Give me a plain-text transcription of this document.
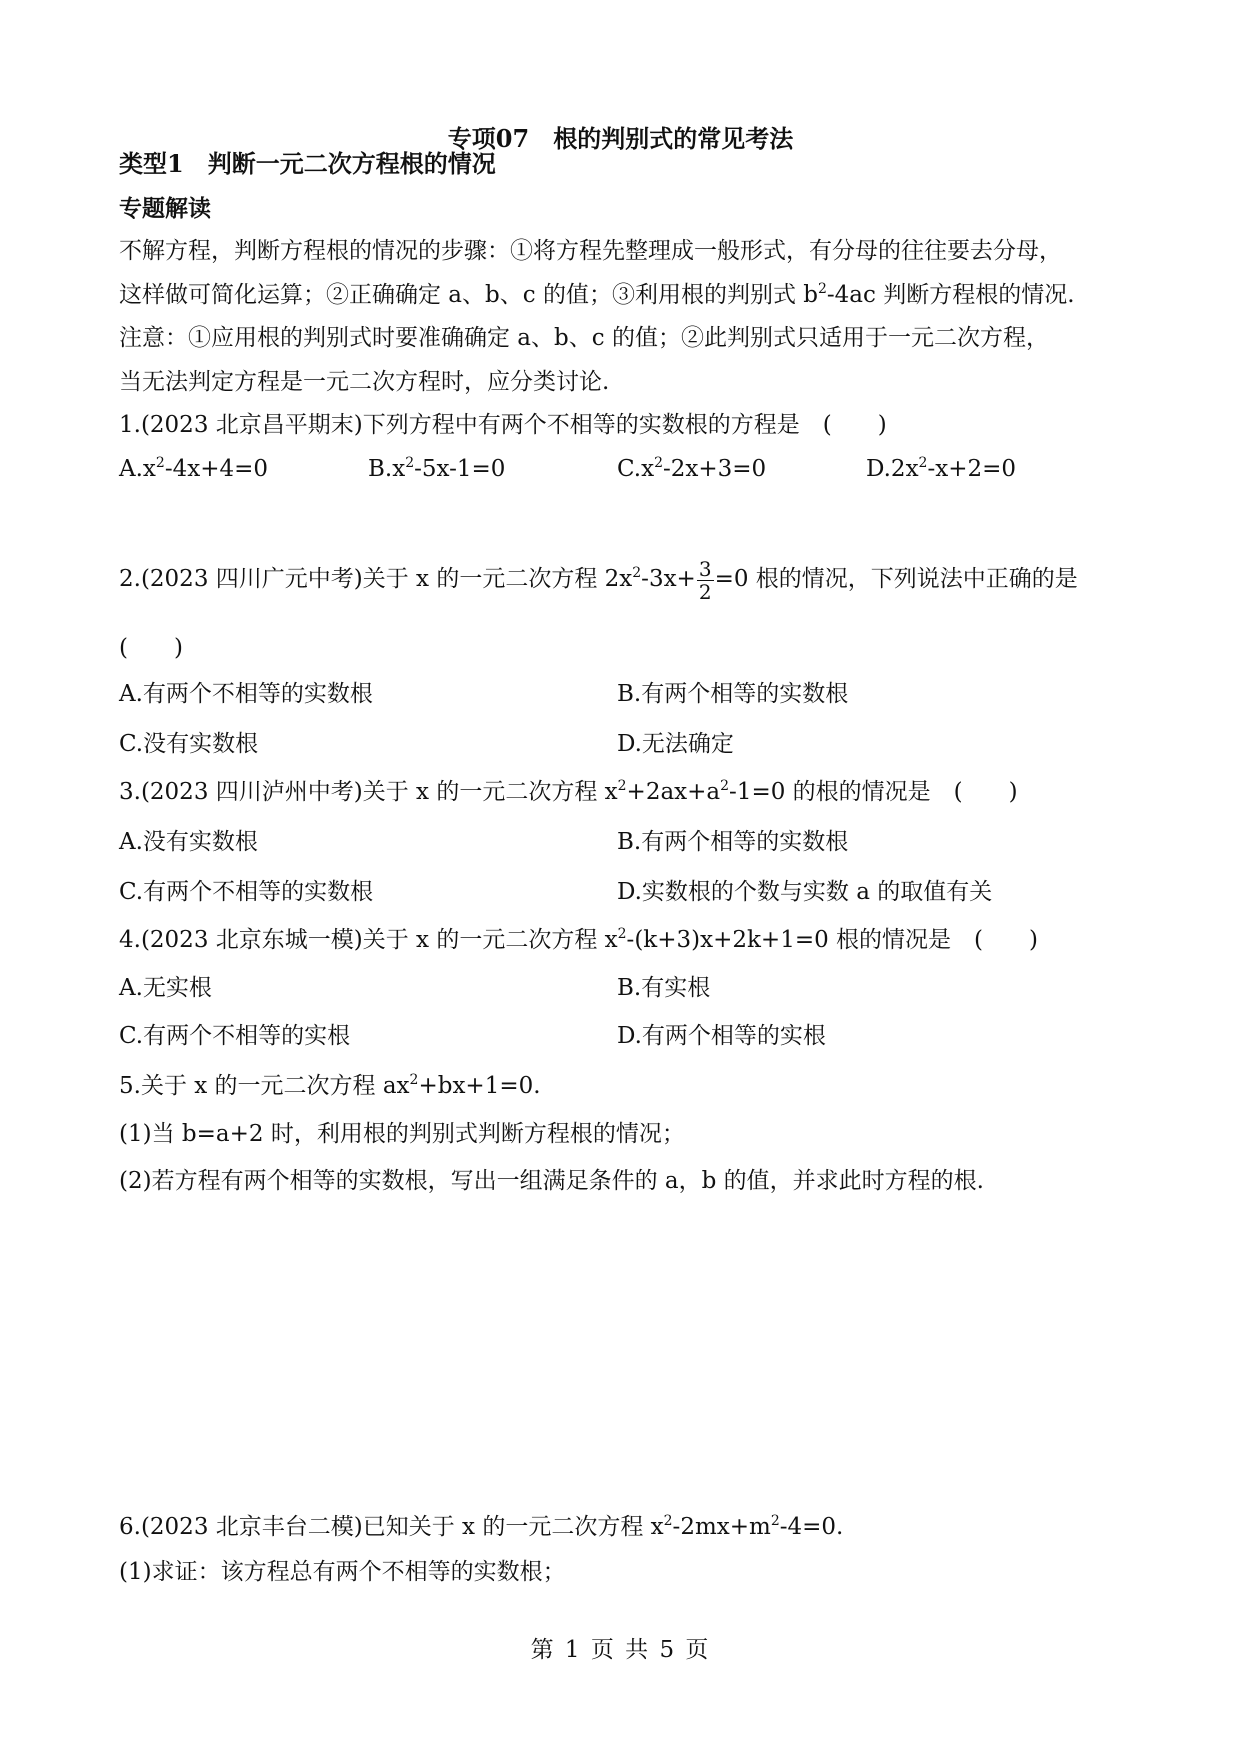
专项07　根的判别式的常见考法
类型1　判断一元二次方程根的情况
专题解读
不解方程，判断方程根的情况的步骤：①将方程先整理成一般形式，有分母的往往要去分母，
这样做可简化运算；②正确确定 a、b、c 的值；③利用根的判别式 $b^2-4ac$ 判断方程根的情况.
注意：①应用根的判别式时要准确确定 a、b、c 的值；②此判别式只适用于一元二次方程，
当无法判定方程是一元二次方程时，应分类讨论.
1.(2023 北京昌平期末)下列方程中有两个不相等的实数根的方程是　(　　)
$A.x^2-4x+4=0$	$B.x^2-5x-1=0$	$C.x^2-2x+3=0$	$D.2x^2-x+2=0$
2.(2023 四川广元中考)关于 x 的一元二次方程 $2x^2-3x+ \frac{3}{2} =0$ 根的情况，下列说法中正确的是
(　　)
A.有两个不相等的实数根	B.有两个相等的实数根
C.没有实数根	D.无法确定
3.(2023 四川泸州中考)关于 x 的一元二次方程 $x^2+2ax+a^2-1=0$ 的根的情况是　(　　)
A.没有实数根	B.有两个相等的实数根
C.有两个不相等的实数根	D.实数根的个数与实数 a 的取值有关
4.(2023 北京东城一模)关于 x 的一元二次方程 $x^2-(k+3)x+2k+1=0$ 根的情况是　(　　)
A.无实根	B.有实根
C.有两个不相等的实根	D.有两个相等的实根
5.关于 x 的一元二次方程 $ax^2+bx+1=0$.
(1)当 b=a+2 时，利用根的判别式判断方程根的情况；
(2)若方程有两个相等的实数根，写出一组满足条件的 a，b 的值，并求此时方程的根.
6.(2023 北京丰台二模)已知关于 x 的一元二次方程 $x^2-2mx+m^2-4=0$.
(1)求证：该方程总有两个不相等的实数根；
第 1 页 共 5 页
